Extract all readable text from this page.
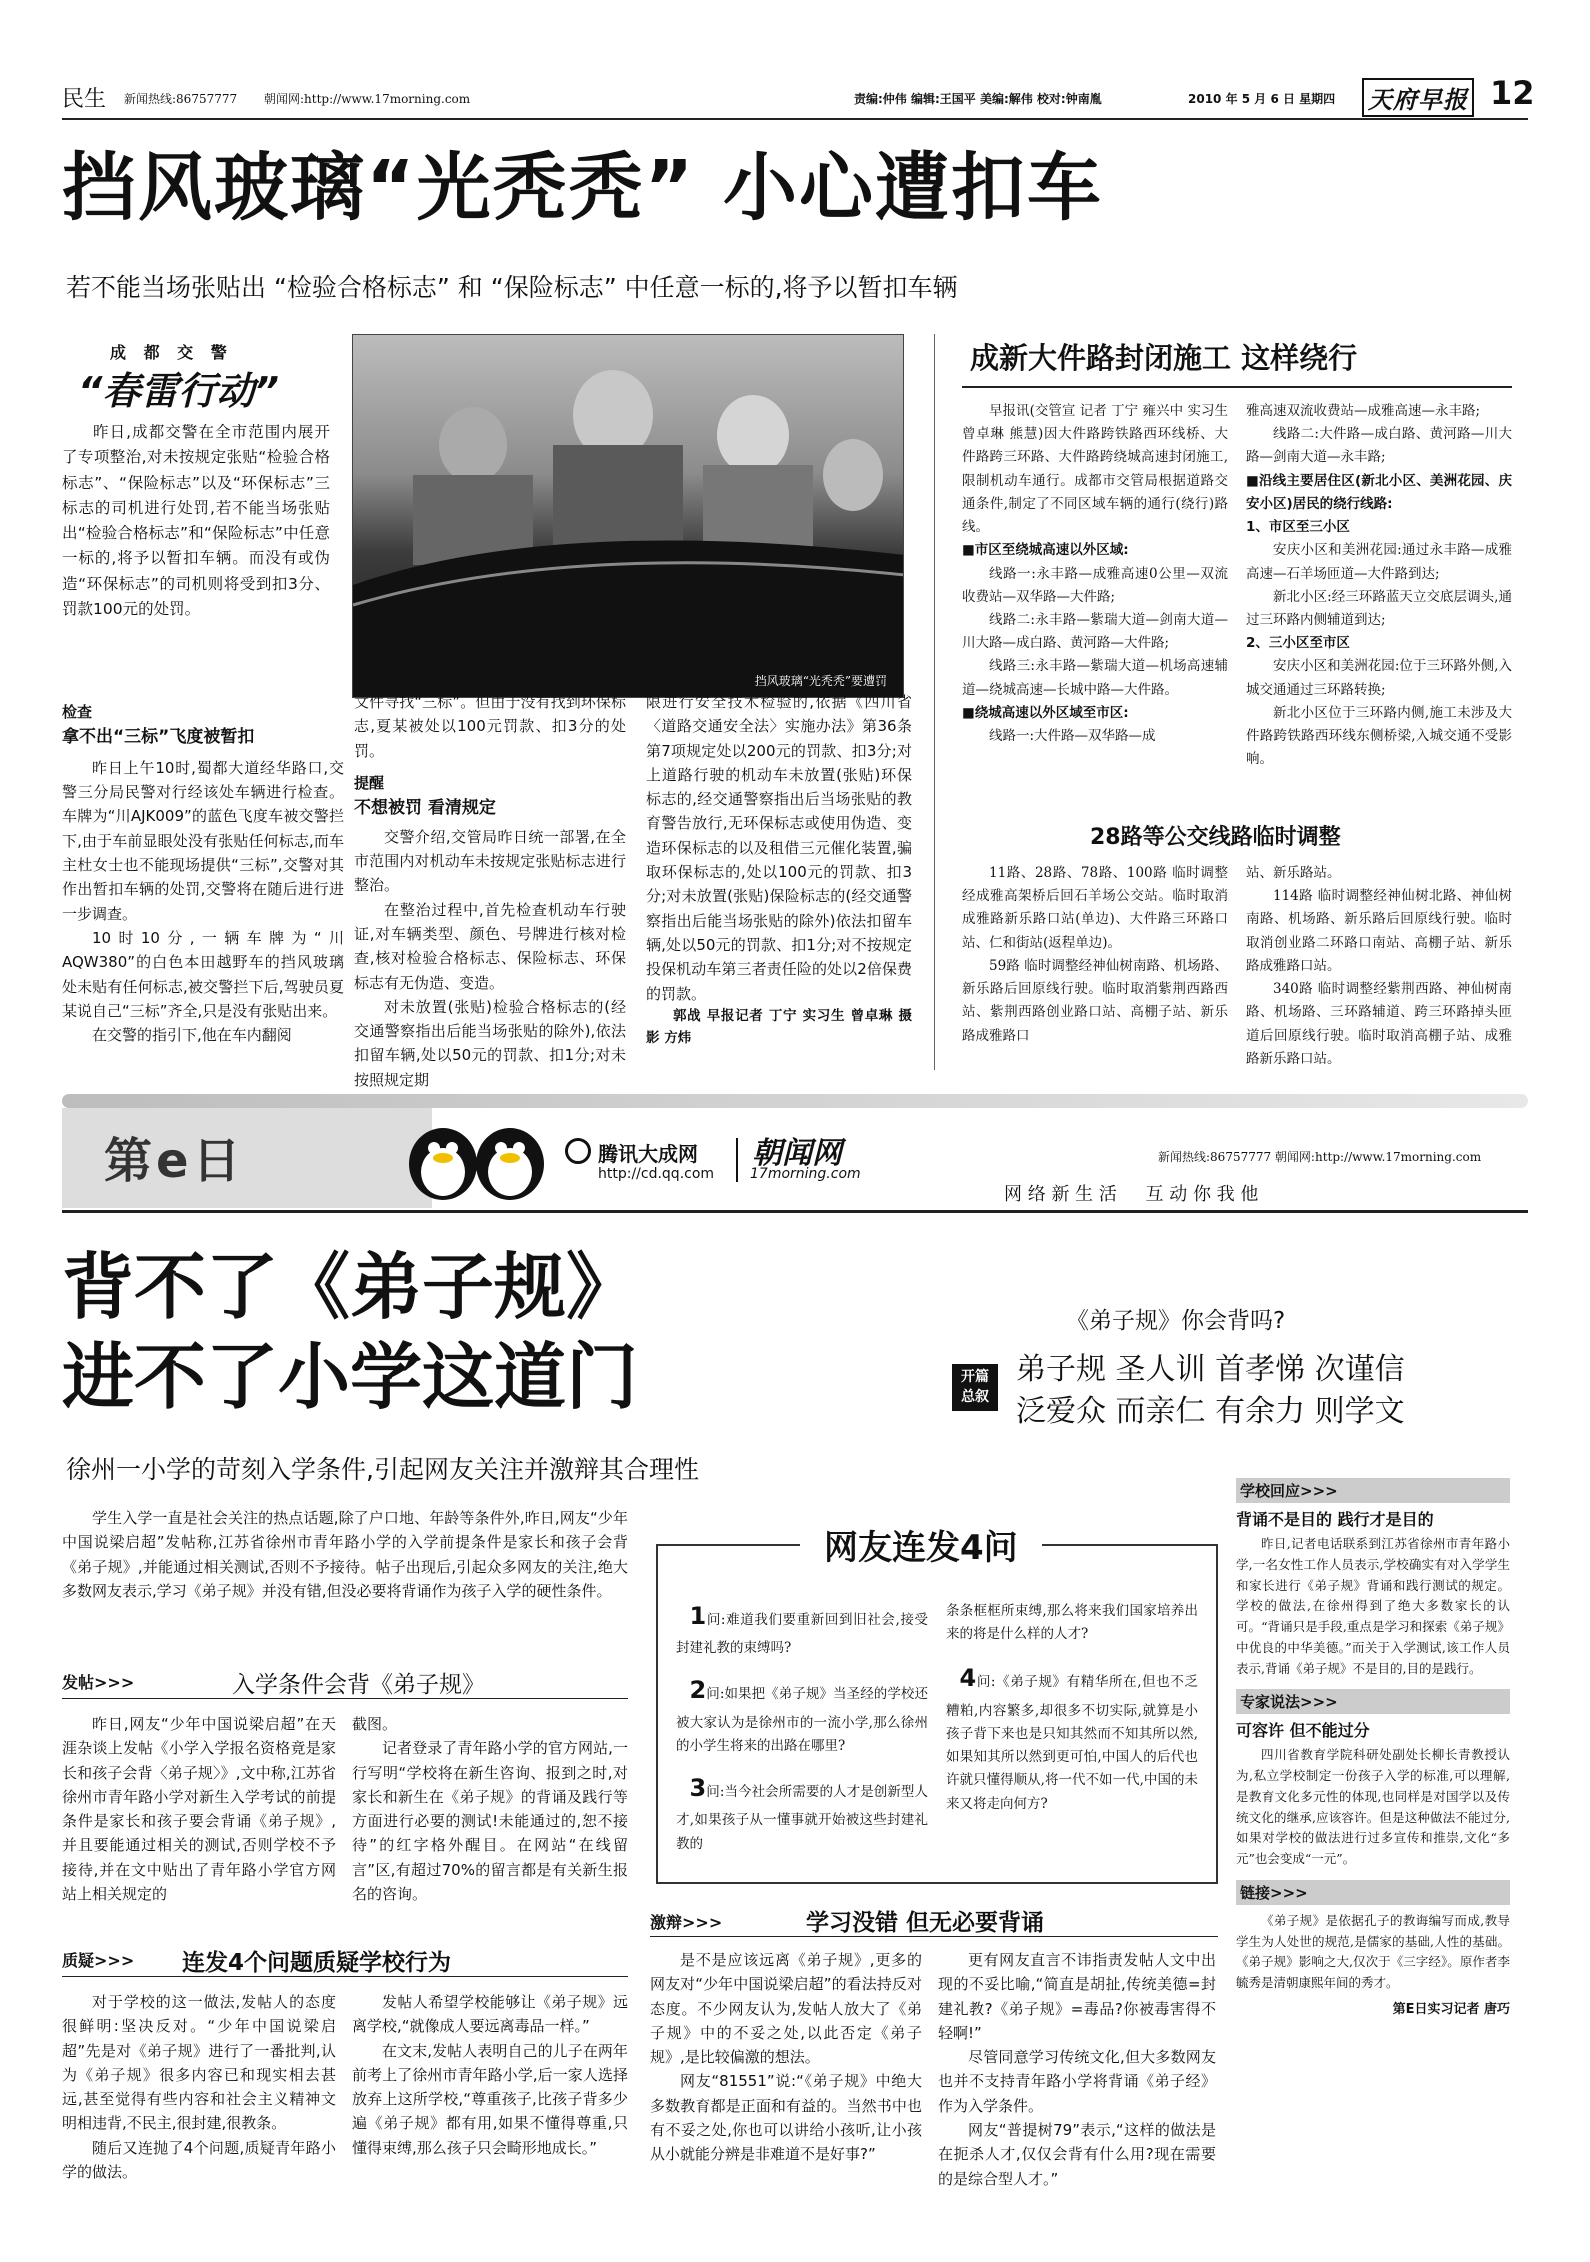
民生 新闻热线:86757777 朝闻网:http://www.17morning.com	责编:仲伟 编辑:王国平 美编:解伟 校对:钟南胤	2010 年 5 月 6 日 星期四 天府早报 12
挡风玻璃“光秃秃” 小心遭扣车
若不能当场张贴出 “检验合格标志” 和 “保险标志” 中任意一标的,将予以暂扣车辆
成 都 交 警
“春雷行动”

昨日,成都交警在全市范围内展开了专项整治,对未按规定张贴“检验合格标志”、“保险标志”以及“环保标志”三标志的司机进行处罚,若不能当场张贴出“检验合格标志”和“保险标志”中任意一标的,将予以暂扣车辆。而没有或伪造“环保标志”的司机则将受到扣3分、罚款100元的处罚。

挡风玻璃“光秃秃”要遭罚
检查
拿不出“三标”飞度被暂扣

昨日上午10时,蜀都大道经华路口,交警三分局民警对行经该处车辆进行检查。车牌为“川AJK009”的蓝色飞度车被交警拦下,由于车前显眼处没有张贴任何标志,而车主杜女士也不能现场提供“三标”,交警对其作出暂扣车辆的处罚,交警将在随后进行进一步调查。

10时10分,一辆车牌为“川AQW380”的白色本田越野车的挡风玻璃处未贴有任何标志,被交警拦下后,驾驶员夏某说自己“三标”齐全,只是没有张贴出来。

在交警的指引下,他在车内翻阅

文件寻找“三标”。但由于没有找到环保标志,夏某被处以100元罚款、扣3分的处罚。

提醒
不想被罚 看清规定

交警介绍,交管局昨日统一部署,在全市范围内对机动车未按规定张贴标志进行整治。

在整治过程中,首先检查机动车行驶证,对车辆类型、颜色、号牌进行核对检查,核对检验合格标志、保险标志、环保标志有无伪造、变造。

对未放置(张贴)检验合格标志的(经交通警察指出后能当场张贴的除外),依法扣留车辆,处以50元的罚款、扣1分;对未按照规定期

限进行安全技术检验的,依据《四川省〈道路交通安全法〉实施办法》第36条第7项规定处以200元的罚款、扣3分;对上道路行驶的机动车未放置(张贴)环保标志的,经交通警察指出后当场张贴的教育警告放行,无环保标志或使用伪造、变造环保标志的以及租借三元催化装置,骗取环保标志的,处以100元的罚款、扣3分;对未放置(张贴)保险标志的(经交通警察指出后能当场张贴的除外)依法扣留车辆,处以50元的罚款、扣1分;对不按规定投保机动车第三者责任险的处以2倍保费的罚款。

郭战 早报记者 丁宁 实习生 曾卓琳 摄影 方炜

成新大件路封闭施工 这样绕行

早报讯(交管宣 记者 丁宁 雍兴中 实习生 曾卓琳 熊慧)因大件路跨铁路西环线桥、大件路跨三环路、大件路跨绕城高速封闭施工,限制机动车通行。成都市交管局根据道路交通条件,制定了不同区域车辆的通行(绕行)路线。

■市区至绕城高速以外区域:

线路一:永丰路—成雅高速0公里—双流收费站—双华路—大件路;

线路二:永丰路—紫瑞大道—剑南大道—川大路—成白路、黄河路—大件路;

线路三:永丰路—紫瑞大道—机场高速辅道—绕城高速—长城中路—大件路。

■绕城高速以外区域至市区:

线路一:大件路—双华路—成

雅高速双流收费站—成雅高速—永丰路;

线路二:大件路—成白路、黄河路—川大路—剑南大道—永丰路;

■沿线主要居住区(新北小区、美洲花园、庆安小区)居民的绕行线路:
1、市区至三小区

安庆小区和美洲花园:通过永丰路—成雅高速—石羊场匝道—大件路到达;

新北小区:经三环路蓝天立交底层调头,通过三环路内侧辅道到达;

2、三小区至市区

安庆小区和美洲花园:位于三环路外侧,入城交通通过三环路转换;

新北小区位于三环路内侧,施工未涉及大件路跨铁路西环线东侧桥梁,入城交通不受影响。

28路等公交线路临时调整

11路、28路、78路、100路 临时调整经成雅高架桥后回石羊场公交站。临时取消成雅路新乐路口站(单边)、大件路三环路口站、仁和街站(返程单边)。

59路 临时调整经神仙树南路、机场路、新乐路后回原线行驶。临时取消紫荆西路西站、紫荆西路创业路口站、高棚子站、新乐路成雅路口

站、新乐路站。

114路 临时调整经神仙树北路、神仙树南路、机场路、新乐路后回原线行驶。临时取消创业路二环路口南站、高棚子站、新乐路成雅路口站。

340路 临时调整经紫荆西路、神仙树南路、机场路、三环路辅道、跨三环路掉头匝道后回原线行驶。临时取消高棚子站、成雅路新乐路口站。

第e日	腾讯大成网
http://cd.qq.com
朝闻网
17morning.com
新闻热线:86757777 朝闻网:http://www.17morning.com
网 络 新 生 活     互 动 你 我 他
背不了《弟子规》
进不了小学这道门
徐州一小学的苛刻入学条件,引起网友关注并激辩其合理性
《弟子规》你会背吗?
开篇总叙
弟子规 圣人训 首孝悌 次谨信
泛爱众 而亲仁 有余力 则学文

学生入学一直是社会关注的热点话题,除了户口地、年龄等条件外,昨日,网友“少年中国说梁启超”发帖称,江苏省徐州市青年路小学的入学前提条件是家长和孩子会背《弟子规》,并能通过相关测试,否则不予接待。帖子出现后,引起众多网友的关注,绝大多数网友表示,学习《弟子规》并没有错,但没必要将背诵作为孩子入学的硬性条件。

发帖>>>	入学条件会背《弟子规》

昨日,网友“少年中国说梁启超”在天涯杂谈上发帖《小学入学报名资格竟是家长和孩子会背〈弟子规〉》,文中称,江苏省徐州市青年路小学对新生入学考试的前提条件是家长和孩子要会背诵《弟子规》,并且要能通过相关的测试,否则学校不予接待,并在文中贴出了青年路小学官方网站上相关规定的

截图。

记者登录了青年路小学的官方网站,一行写明“学校将在新生咨询、报到之时,对家长和新生在《弟子规》的背诵及践行等方面进行必要的测试!未能通过的,恕不接待”的红字格外醒目。在网站“在线留言”区,有超过70%的留言都是有关新生报名的咨询。

质疑>>> 连发4个问题质疑学校行为

对于学校的这一做法,发帖人的态度很鲜明:坚决反对。“少年中国说梁启超”先是对《弟子规》进行了一番批判,认为《弟子规》很多内容已和现实相去甚远,甚至觉得有些内容和社会主义精神文明相违背,不民主,很封建,很教条。

随后又连抛了4个问题,质疑青年路小学的做法。

发帖人希望学校能够让《弟子规》远离学校,“就像成人要远离毒品一样。”

在文末,发帖人表明自己的儿子在两年前考上了徐州市青年路小学,后一家人选择放弃上这所学校,“尊重孩子,比孩子背多少遍《弟子规》都有用,如果不懂得尊重,只懂得束缚,那么孩子只会畸形地成长。”

网友连发4问

1问:难道我们要重新回到旧社会,接受封建礼教的束缚吗?

2问:如果把《弟子规》当圣经的学校还被大家认为是徐州市的一流小学,那么徐州的小学生将来的出路在哪里?

3问:当今社会所需要的人才是创新型人才,如果孩子从一懂事就开始被这些封建礼教的

条条框框所束缚,那么将来我们国家培养出来的将是什么样的人才?

4问:《弟子规》有精华所在,但也不乏糟粕,内容繁多,却很多不切实际,就算是小孩子背下来也是只知其然而不知其所以然,如果知其所以然到更可怕,中国人的后代也许就只懂得顺从,将一代不如一代,中国的未来又将走向何方?

激辩>>>	学习没错 但无必要背诵

是不是应该远离《弟子规》,更多的网友对“少年中国说梁启超”的看法持反对态度。不少网友认为,发帖人放大了《弟子规》中的不妥之处,以此否定《弟子规》,是比较偏激的想法。

网友“81551”说:“《弟子规》中绝大多数教育都是正面和有益的。当然书中也有不妥之处,你也可以讲给小孩听,让小孩从小就能分辨是非难道不是好事?”

更有网友直言不讳指责发帖人文中出现的不妥比喻,“简直是胡扯,传统美德=封建礼教?《弟子规》=毒品?你被毒害得不轻啊!”

尽管同意学习传统文化,但大多数网友也并不支持青年路小学将背诵《弟子经》作为入学条件。

网友“普提树79”表示,“这样的做法是在扼杀人才,仅仅会背有什么用?现在需要的是综合型人才。”

学校回应>>>
背诵不是目的 践行才是目的

昨日,记者电话联系到江苏省徐州市青年路小学,一名女性工作人员表示,学校确实有对入学学生和家长进行《弟子规》背诵和践行测试的规定。学校的做法,在徐州得到了绝大多数家长的认可。“背诵只是手段,重点是学习和探索《弟子规》中优良的中华美德。”而关于入学测试,该工作人员表示,背诵《弟子规》不是目的,目的是践行。

专家说法>>>
可容许 但不能过分

四川省教育学院科研处副处长柳长青教授认为,私立学校制定一份孩子入学的标准,可以理解,是教育文化多元性的体现,也同样是对国学以及传统文化的继承,应该容许。但是这种做法不能过分,如果对学校的做法进行过多宣传和推崇,文化“多元”也会变成“一元”。

链接>>>

《弟子规》是依据孔子的教诲编写而成,教导学生为人处世的规范,是儒家的基础,人性的基础。《弟子规》影响之大,仅次于《三字经》。原作者李毓秀是清朝康熙年间的秀才。

第E日实习记者 唐巧
